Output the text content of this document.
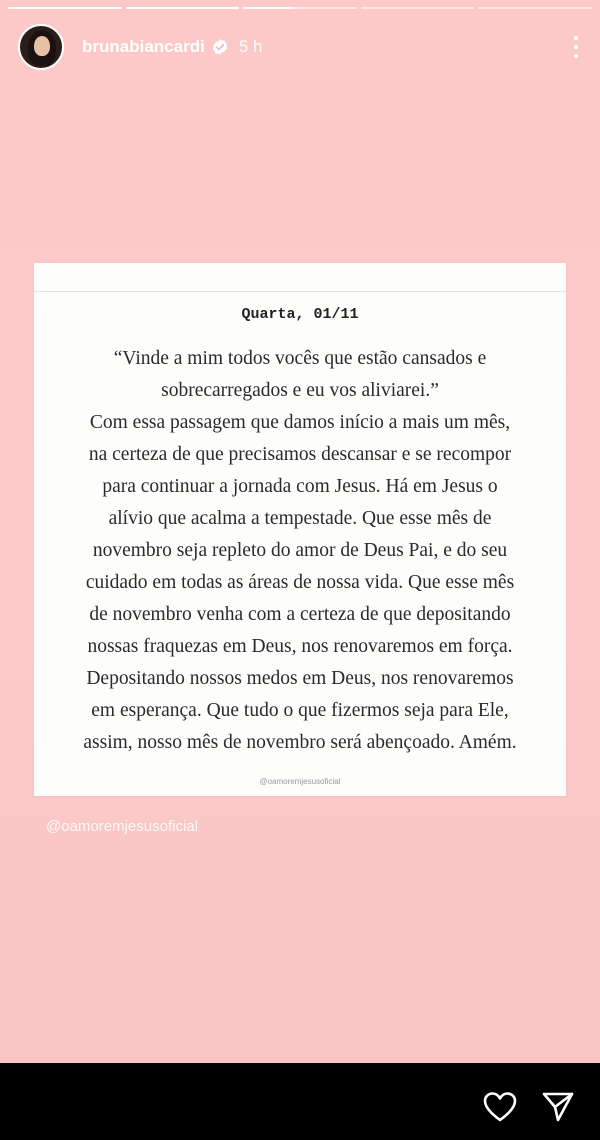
brunabiancardi 5 h
Quarta, 01/11

“Vinde a mim todos vocês que estão cansados e

sobrecarregados e eu vos aliviarei.”

Com essa passagem que damos início a mais um mês,

na certeza de que precisamos descansar e se recompor

para continuar a jornada com Jesus. Há em Jesus o

alívio que acalma a tempestade. Que esse mês de

novembro seja repleto do amor de Deus Pai, e do seu

cuidado em todas as áreas de nossa vida. Que esse mês

de novembro venha com a certeza de que depositando

nossas fraquezas em Deus, nos renovaremos em força.

Depositando nossos medos em Deus, nos renovaremos

em esperança. Que tudo o que fizermos seja para Ele,

assim, nosso mês de novembro será abençoado. Amém.

@oamoremjesusoficial
@oamoremjesusoficial
